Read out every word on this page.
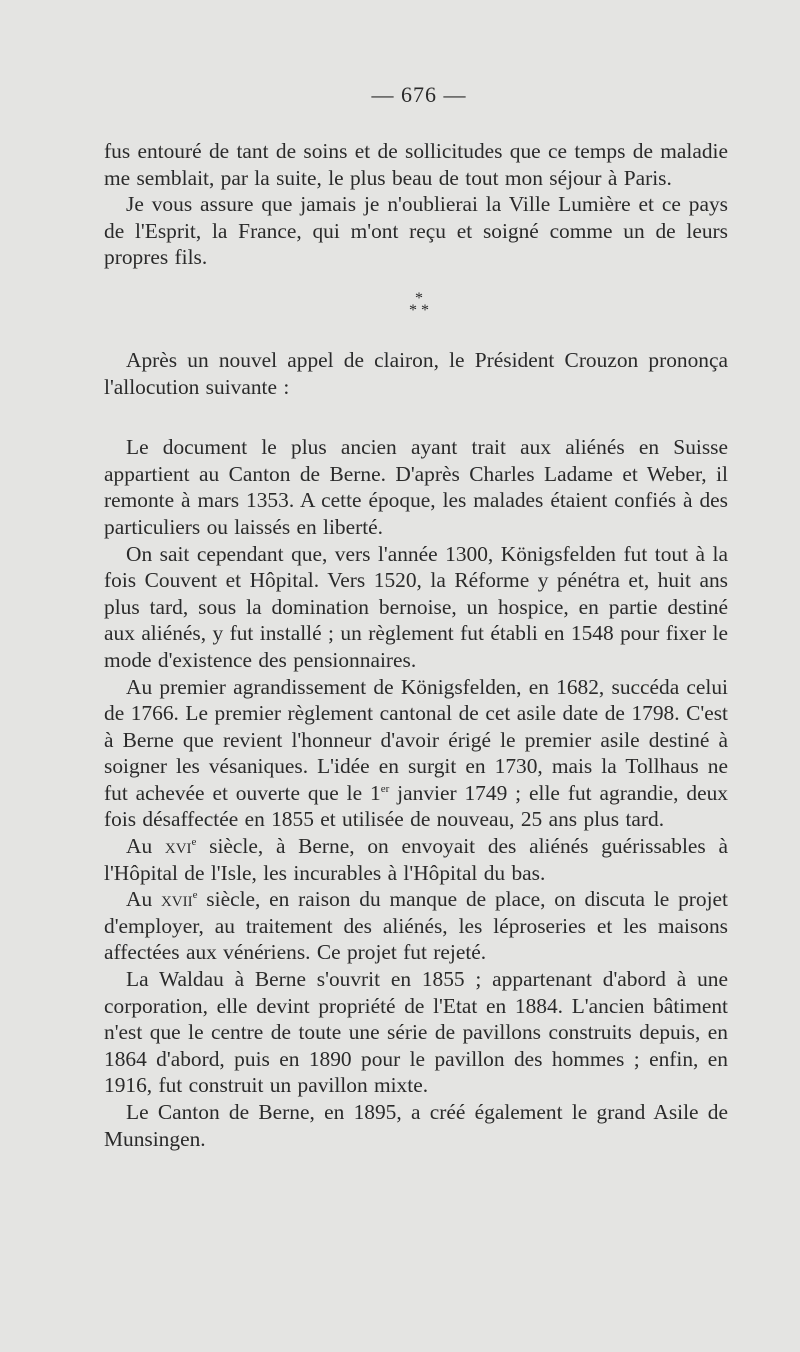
— 676 —

fus entouré de tant de soins et de sollicitudes que ce temps de maladie me semblait, par la suite, le plus beau de tout mon séjour à Paris.

Je vous assure que jamais je n'oublierai la Ville Lumière et ce pays de l'Esprit, la France, qui m'ont reçu et soigné comme un de leurs propres fils.

*
* *

Après un nouvel appel de clairon, le Président Crouzon prononça l'allocution suivante :

Le document le plus ancien ayant trait aux aliénés en Suisse appartient au Canton de Berne. D'après Charles Ladame et Weber, il remonte à mars 1353. A cette époque, les malades étaient confiés à des particuliers ou laissés en liberté.

On sait cependant que, vers l'année 1300, Königsfelden fut tout à la fois Couvent et Hôpital. Vers 1520, la Réforme y pénétra et, huit ans plus tard, sous la domination bernoise, un hospice, en partie destiné aux aliénés, y fut installé ; un règlement fut établi en 1548 pour fixer le mode d'existence des pensionnaires.

Au premier agrandissement de Königsfelden, en 1682, succéda celui de 1766. Le premier règlement cantonal de cet asile date de 1798. C'est à Berne que revient l'honneur d'avoir érigé le premier asile destiné à soigner les vésaniques. L'idée en surgit en 1730, mais la Tollhaus ne fut achevée et ouverte que le 1er janvier 1749 ; elle fut agrandie, deux fois désaffectée en 1855 et utilisée de nouveau, 25 ans plus tard.

Au xvi$^e$ siècle, à Berne, on envoyait des aliénés guérissables à l'Hôpital de l'Isle, les incurables à l'Hôpital du bas.

Au xvii$^e$ siècle, en raison du manque de place, on discuta le projet d'employer, au traitement des aliénés, les léproseries et les maisons affectées aux vénériens. Ce projet fut rejeté.

La Waldau à Berne s'ouvrit en 1855 ; appartenant d'abord à une corporation, elle devint propriété de l'Etat en 1884. L'ancien bâtiment n'est que le centre de toute une série de pavillons construits depuis, en 1864 d'abord, puis en 1890 pour le pavillon des hommes ; enfin, en 1916, fut construit un pavillon mixte.

Le Canton de Berne, en 1895, a créé également le grand Asile de Munsingen.
